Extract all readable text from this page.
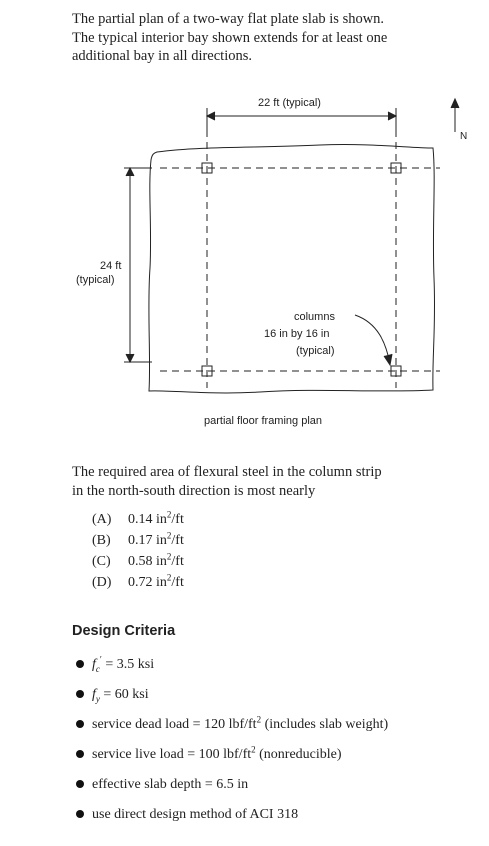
The partial plan of a two-way flat plate slab is shown.
The typical interior bay shown extends for at least one
additional bay in all directions.
22 ft (typical)
N
24 ft
(typical)
columns
16 in by 16 in
(typical)
partial floor framing plan
The required area of flexural steel in the column strip
in the north-south direction is most nearly
(A) 0.14 $in^2/ft$
(B) 0.17 $in^2/ft$
(C) 0.58 $in^2/ft$
(D) 0.72 $in^2/ft$
Design Criteria
$f_c' = 3.5$ ksi
$f_y = 60$ ksi
service dead load = 120 lbf/$ft^2$ (includes slab weight)
service live load = 100 lbf/$ft^2$ (nonreducible)
effective slab depth = 6.5 in
use direct design method of ACI 318
